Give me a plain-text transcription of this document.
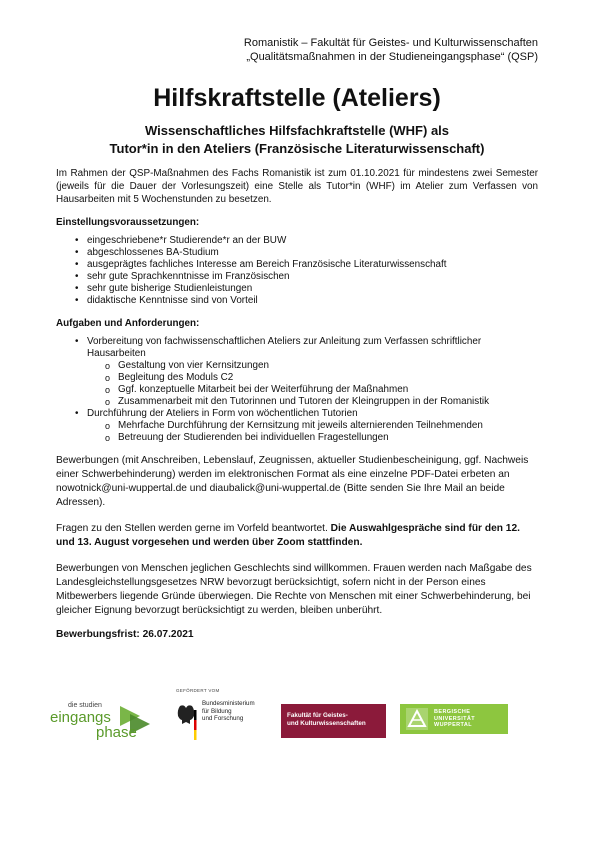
Romanistik – Fakultät für Geistes- und Kulturwissenschaften
„Qualitätsmaßnahmen in der Studieneingangsphase“ (QSP)
Hilfskraftstelle (Ateliers)
Wissenschaftliches Hilfsfachkraftstelle (WHF) als
Tutor*in in den Ateliers (Französische Literaturwissenschaft)

Im Rahmen der QSP-Maßnahmen des Fachs Romanistik ist zum 01.10.2021 für mindestens zwei Semester (jeweils für die Dauer der Vorlesungszeit) eine Stelle als Tutor*in (WHF) im Atelier zum Verfassen von Hausarbeiten mit 5 Wochenstunden zu besetzen.

Einstellungsvoraussetzungen:
• eingeschriebene*r Studierende*r an der BUW
• abgeschlossenes BA-Studium
• ausgeprägtes fachliches Interesse am Bereich Französische Literaturwissenschaft
• sehr gute Sprachkenntnisse im Französischen
• sehr gute bisherige Studienleistungen
• didaktische Kenntnisse sind von Vorteil
Aufgaben und Anforderungen:
• Vorbereitung von fachwissenschaftlichen Ateliers zur Anleitung zum Verfassen schriftlicher Hausarbeiten
o Gestaltung von vier Kernsitzungen
o Begleitung des Moduls C2
o Ggf. konzeptuelle Mitarbeit bei der Weiterführung der Maßnahmen
o Zusammenarbeit mit den Tutorinnen und Tutoren der Kleingruppen in der Romanistik
• Durchführung der Ateliers in Form von wöchentlichen Tutorien
o Mehrfache Durchführung der Kernsitzung mit jeweils alternierenden Teilnehmenden
o Betreuung der Studierenden bei individuellen Fragestellungen

Bewerbungen (mit Anschreiben, Lebenslauf, Zeugnissen, aktueller Studienbescheinigung, ggf. Nachweis einer Schwerbehinderung) werden im elektronischen Format als eine einzelne PDF-Datei erbeten an nowotnick@uni-wuppertal.de und diaubalick@uni-wuppertal.de (Bitte senden Sie Ihre Mail an beide Adressen).

Fragen zu den Stellen werden gerne im Vorfeld beantwortet. Die Auswahlgespräche sind für den 12. und 13. August vorgesehen und werden über Zoom stattfinden.

Bewerbungen von Menschen jeglichen Geschlechts sind willkommen. Frauen werden nach Maßgabe des Landesgleichstellungsgesetzes NRW bevorzugt berücksichtigt, sofern nicht in der Person eines Mitbewerbers liegende Gründe überwiegen. Die Rechte von Menschen mit einer Schwerbehinderung, bei gleicher Eignung bevorzugt berücksichtigt zu werden, bleiben unberührt.

Bewerbungsfrist: 26.07.2021

die studien
eingangs
phase
GEFÖRDERT VOM
Bundesministerium
für Bildung
und Forschung	Fakultät für Geistes-
und Kulturwissenschaften
BERGISCHE
UNIVERSITÄT
WUPPERTAL
